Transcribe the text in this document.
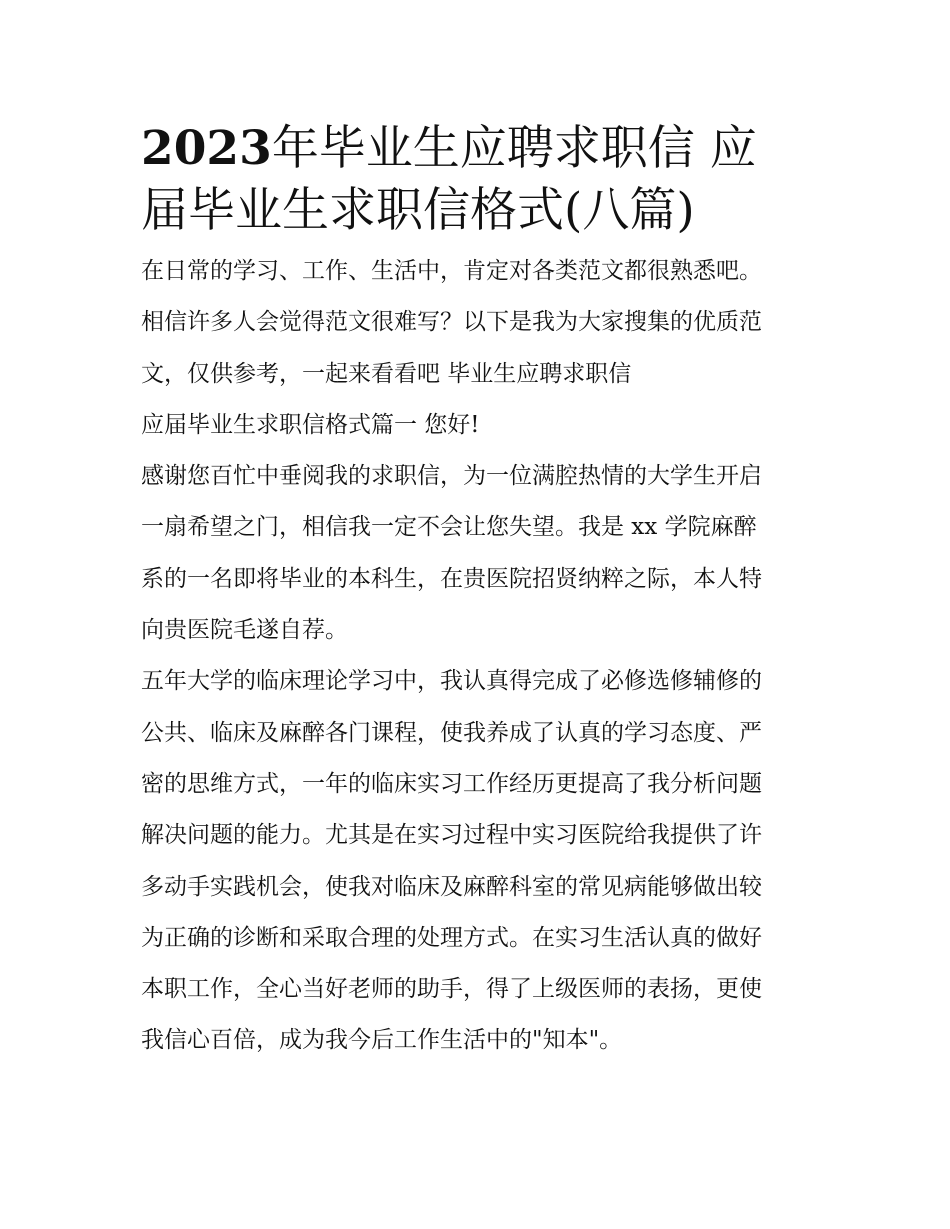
2023年毕业生应聘求职信 应
届毕业生求职信格式(八篇)
在日常的学习、工作、生活中，肯定对各类范文都很熟悉吧。
相信许多人会觉得范文很难写？以下是我为大家搜集的优质范
文，仅供参考，一起来看看吧 毕业生应聘求职信
应届毕业生求职信格式篇一 您好!
感谢您百忙中垂阅我的求职信，为一位满腔热情的大学生开启
一扇希望之门，相信我一定不会让您失望。我是 xx 学院麻醉
系的一名即将毕业的本科生，在贵医院招贤纳粹之际，本人特
向贵医院毛遂自荐。
五年大学的临床理论学习中，我认真得完成了必修选修辅修的
公共、临床及麻醉各门课程，使我养成了认真的学习态度、严
密的思维方式，一年的临床实习工作经历更提高了我分析问题
解决问题的能力。尤其是在实习过程中实习医院给我提供了许
多动手实践机会，使我对临床及麻醉科室的常见病能够做出较
为正确的诊断和采取合理的处理方式。在实习生活认真的做好
本职工作，全心当好老师的助手，得了上级医师的表扬，更使
我信心百倍，成为我今后工作生活中的"知本"。
